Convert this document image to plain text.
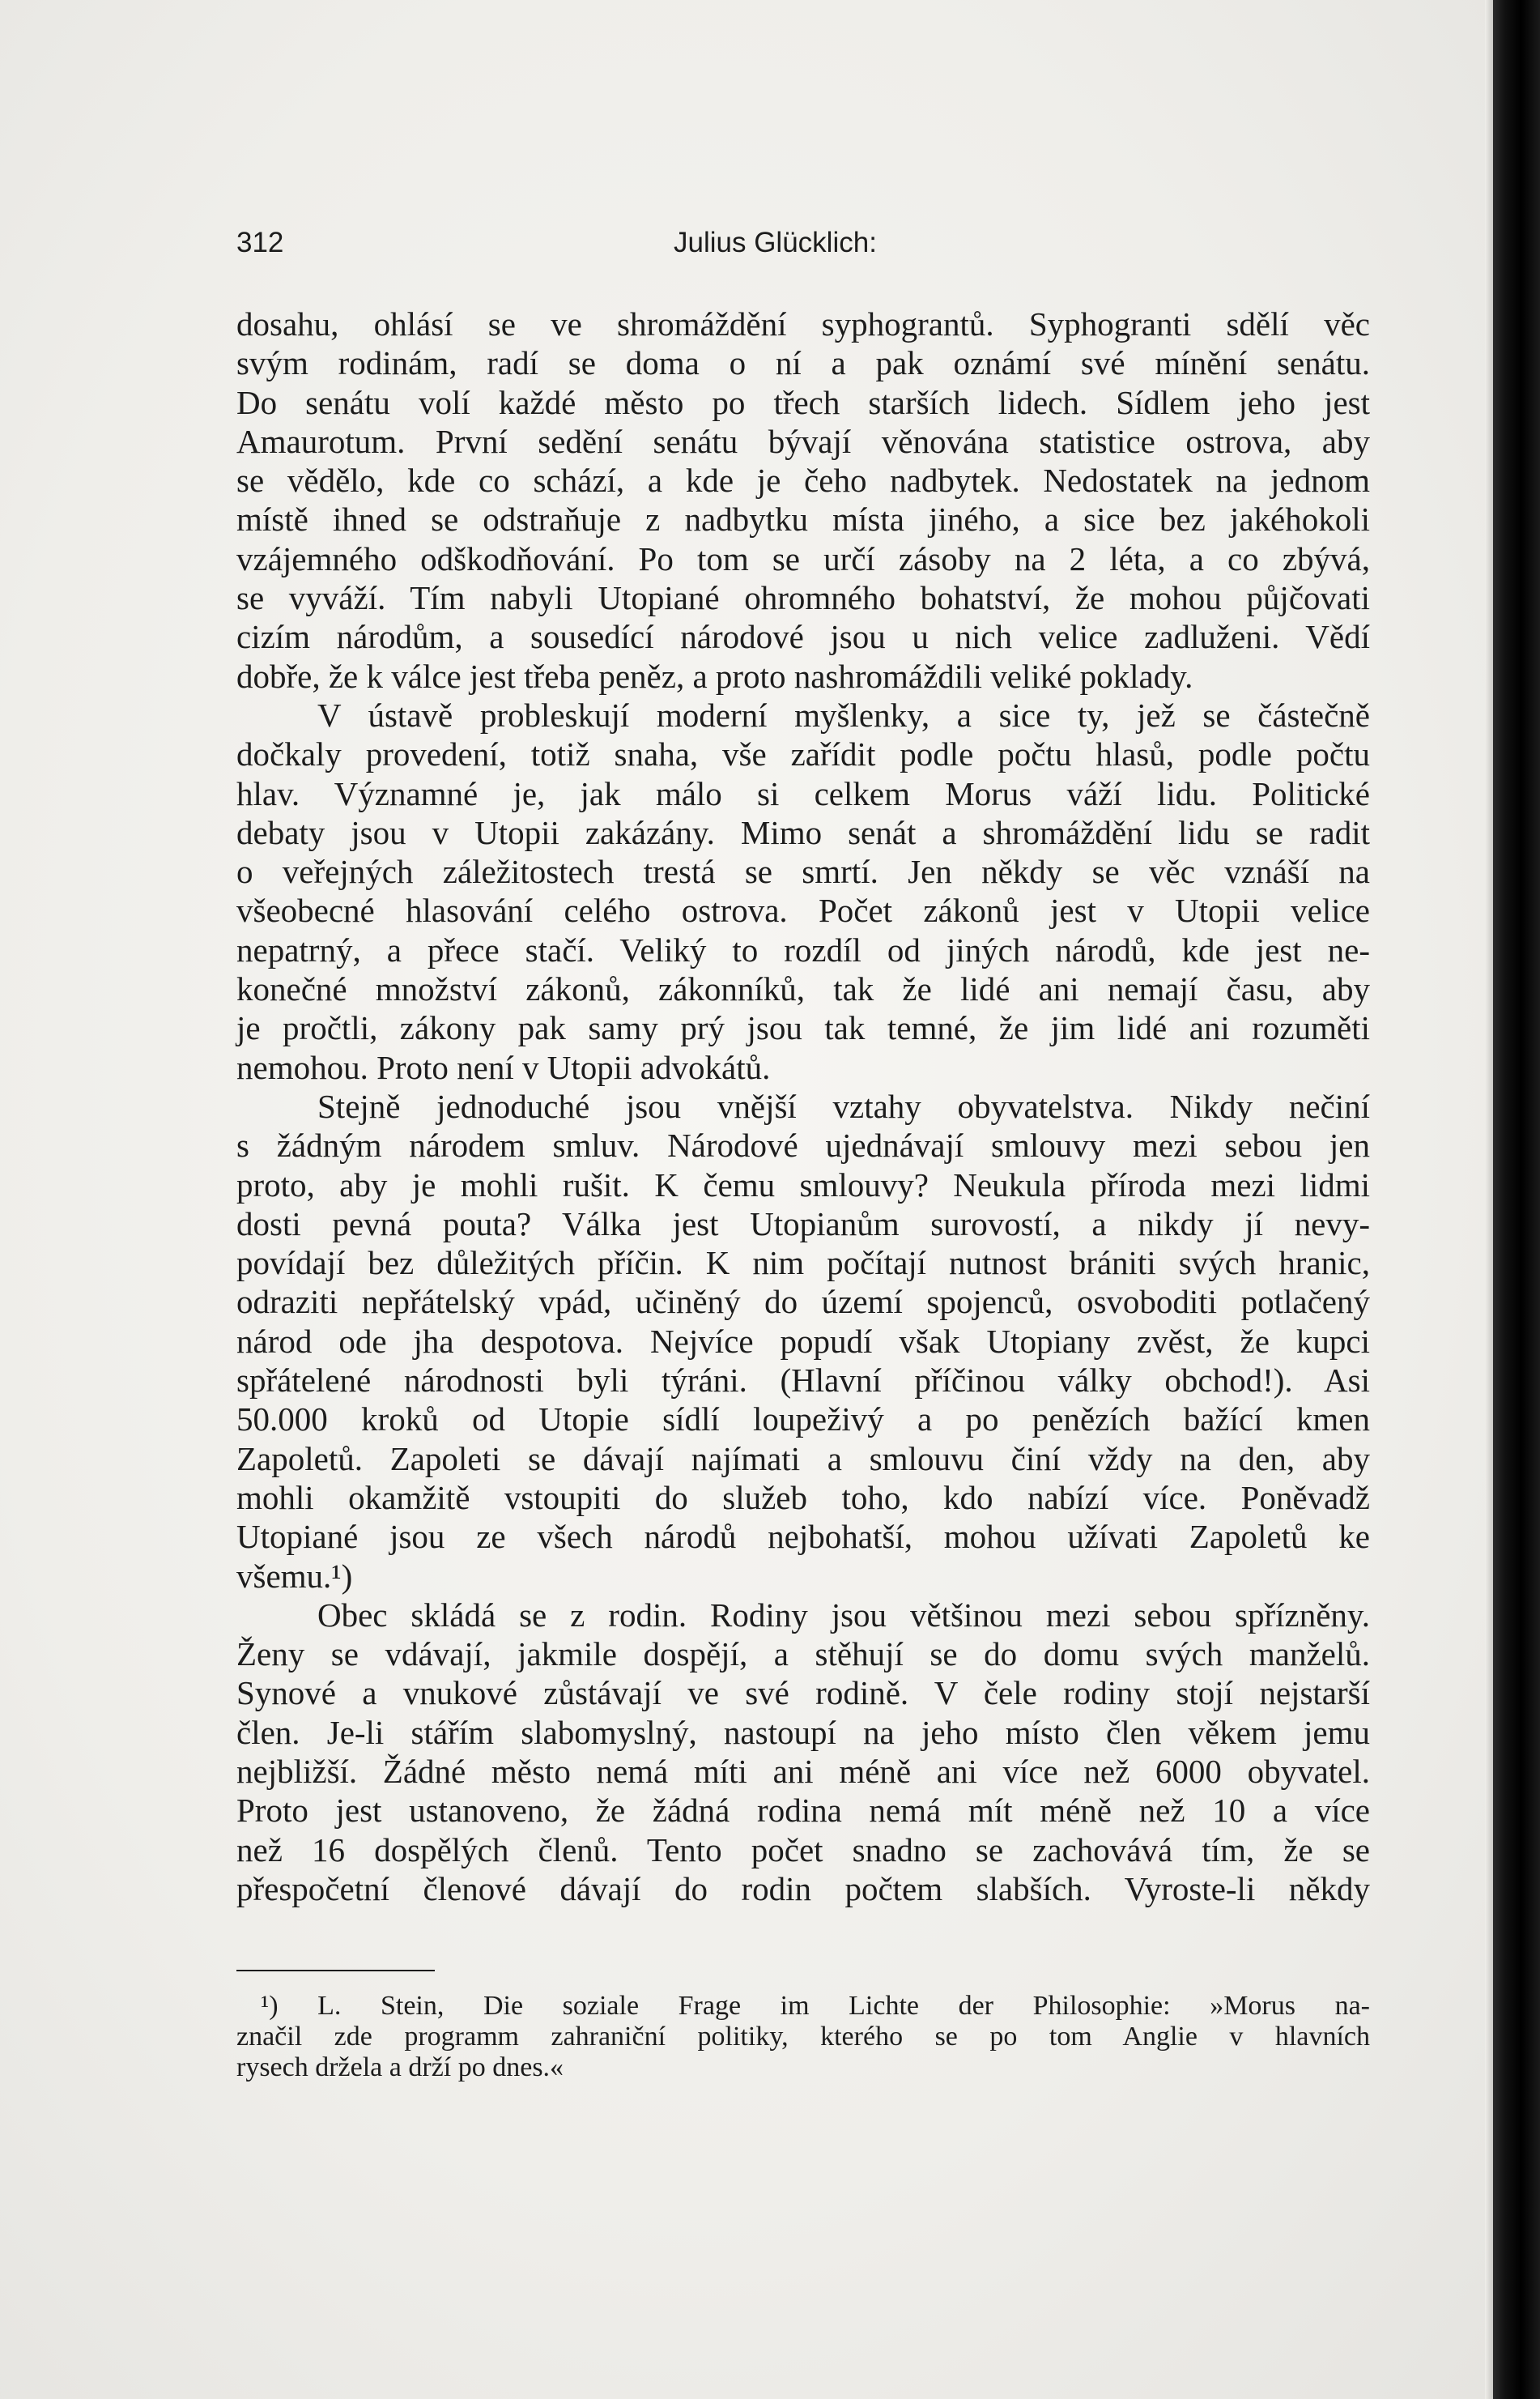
312	Julius Glücklich:
dosahu, ohlásí se ve shromáždění syphograntů. Syphogranti sdělí věc
svým rodinám, radí se doma o ní a pak oznámí své mínění senátu.
Do senátu volí každé město po třech starších lidech. Sídlem jeho jest
Amaurotum. První sedění senátu bývají věnována statistice ostrova, aby
se vědělo, kde co schází, a kde je čeho nadbytek. Nedostatek na jednom
místě ihned se odstraňuje z nadbytku místa jiného, a sice bez jakéhokoli
vzájemného odškodňování. Po tom se určí zásoby na 2 léta, a co zbývá,
se vyváží. Tím nabyli Utopiané ohromného bohatství, že mohou půjčovati
cizím národům, a sousedící národové jsou u nich velice zadluženi. Vědí
dobře, že k válce jest třeba peněz, a proto nashromáždili veliké poklady.
V ústavě probleskují moderní myšlenky, a sice ty, jež se částečně
dočkaly provedení, totiž snaha, vše zařídit podle počtu hlasů, podle počtu
hlav. Významné je, jak málo si celkem Morus váží lidu. Politické
debaty jsou v Utopii zakázány. Mimo senát a shromáždění lidu se radit
o veřejných záležitostech trestá se smrtí. Jen někdy se věc vznáší na
všeobecné hlasování celého ostrova. Počet zákonů jest v Utopii velice
nepatrný, a přece stačí. Veliký to rozdíl od jiných národů, kde jest ne-
konečné množství zákonů, zákonníků, tak že lidé ani nemají času, aby
je pročtli, zákony pak samy prý jsou tak temné, že jim lidé ani rozuměti
nemohou. Proto není v Utopii advokátů.
Stejně jednoduché jsou vnější vztahy obyvatelstva. Nikdy nečiní
s žádným národem smluv. Národové ujednávají smlouvy mezi sebou jen
proto, aby je mohli rušit. K čemu smlouvy? Neukula příroda mezi lidmi
dosti pevná pouta? Válka jest Utopianům surovostí, a nikdy jí nevy-
povídají bez důležitých příčin. K nim počítají nutnost brániti svých hranic,
odraziti nepřátelský vpád, učiněný do území spojenců, osvoboditi potlačený
národ ode jha despotova. Nejvíce popudí však Utopiany zvěst, že kupci
spřátelené národnosti byli týráni. (Hlavní příčinou války obchod!). Asi
50.000 kroků od Utopie sídlí loupeživý a po penězích bažící kmen
Zapoletů. Zapoleti se dávají najímati a smlouvu činí vždy na den, aby
mohli okamžitě vstoupiti do služeb toho, kdo nabízí více. Poněvadž
Utopiané jsou ze všech národů nejbohatší, mohou užívati Zapoletů ke
všemu.¹)
Obec skládá se z rodin. Rodiny jsou většinou mezi sebou spřízněny.
Ženy se vdávají, jakmile dospějí, a stěhují se do domu svých manželů.
Synové a vnukové zůstávají ve své rodině. V čele rodiny stojí nejstarší
člen. Je-li stářím slabomyslný, nastoupí na jeho místo člen věkem jemu
nejbližší. Žádné město nemá míti ani méně ani více než 6000 obyvatel.
Proto jest ustanoveno, že žádná rodina nemá mít méně než 10 a více
než 16 dospělých členů. Tento počet snadno se zachovává tím, že se
přespočetní členové dávají do rodin počtem slabších. Vyroste-li někdy
¹) L. Stein, Die soziale Frage im Lichte der Philosophie: »Morus na-
značil zde programm zahraniční politiky, kterého se po tom Anglie v hlavních
rysech držela a drží po dnes.«
